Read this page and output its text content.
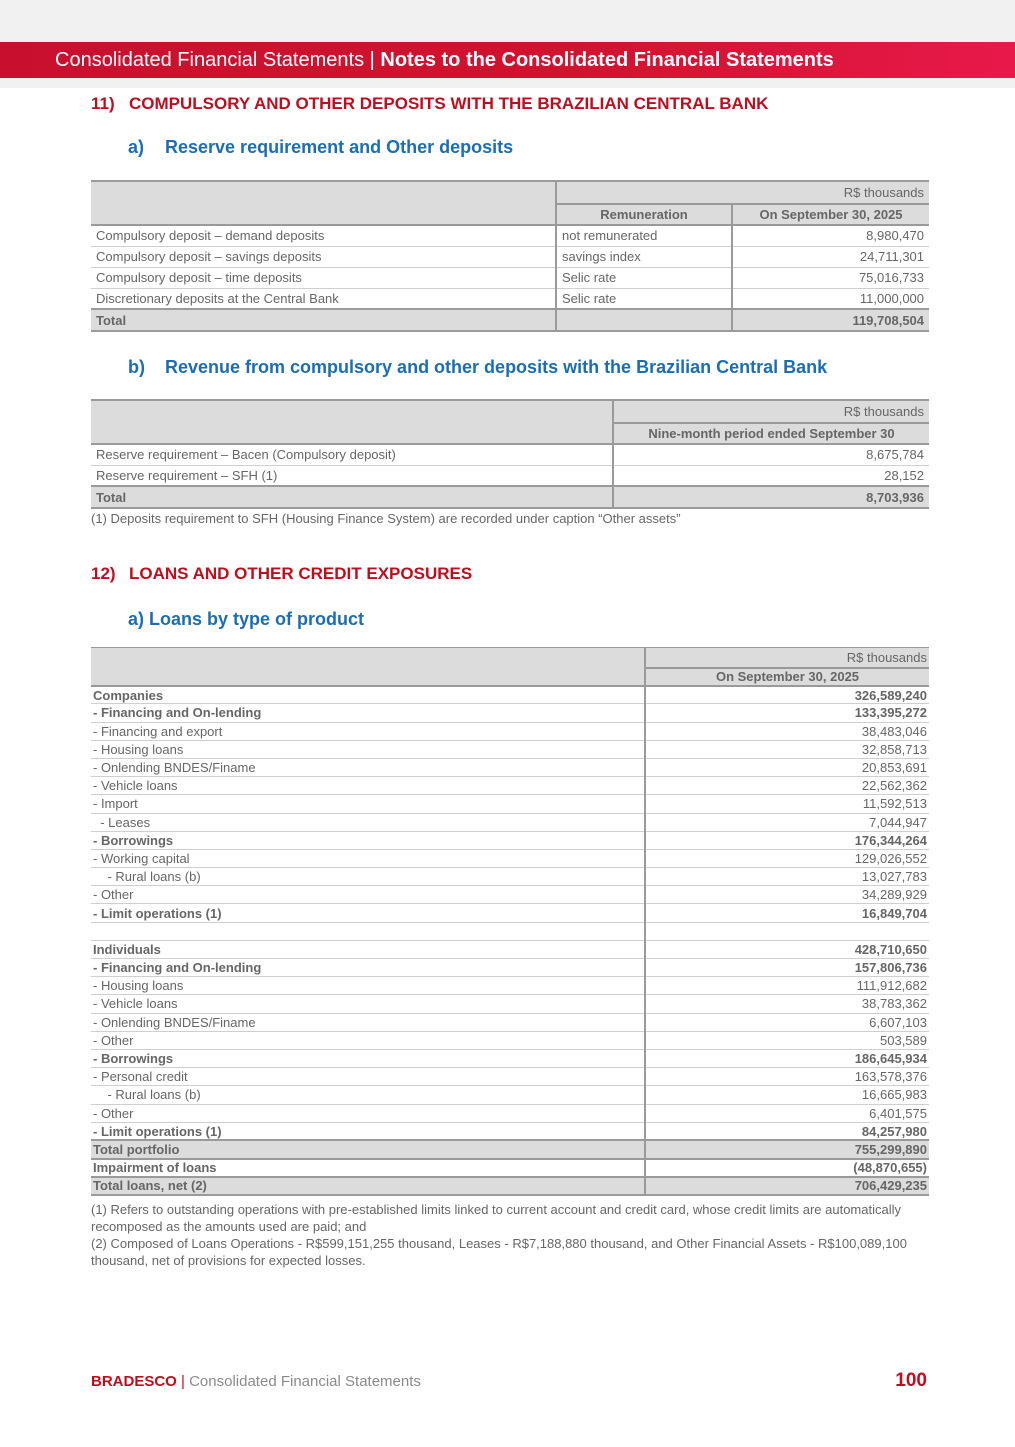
Consolidated Financial Statements | Notes to the Consolidated Financial Statements
11) COMPULSORY AND OTHER DEPOSITS WITH THE BRAZILIAN CENTRAL BANK
a) Reserve requirement and Other deposits
	R$ thousands	
	Remuneration	On September 30, 2025
Compulsory deposit – demand deposits	not remunerated	8,980,470
Compulsory deposit – savings deposits	savings index	24,711,301
Compulsory deposit – time deposits	Selic rate	75,016,733
Discretionary deposits at the Central Bank	Selic rate	11,000,000
Total		119,708,504
b) Revenue from compulsory and other deposits with the Brazilian Central Bank
	R$ thousands
	Nine-month period ended September 30
Reserve requirement – Bacen (Compulsory deposit)	8,675,784
Reserve requirement – SFH (1)	28,152
Total	8,703,936
(1) Deposits requirement to SFH (Housing Finance System) are recorded under caption “Other assets”
12) LOANS AND OTHER CREDIT EXPOSURES
a) Loans by type of product
	R$ thousands
	On September 30, 2025
Companies	326,589,240
- Financing and On-lending	133,395,272
- Financing and export	38,483,046
- Housing loans	32,858,713
- Onlending BNDES/Finame	20,853,691
- Vehicle loans	22,562,362
- Import	11,592,513
- Leases	7,044,947
- Borrowings	176,344,264
- Working capital	129,026,552
- Rural loans (b)	13,027,783
- Other	34,289,929
- Limit operations (1)	16,849,704

Individuals	428,710,650
- Financing and On-lending	157,806,736
- Housing loans	111,912,682
- Vehicle loans	38,783,362
- Onlending BNDES/Finame	6,607,103
- Other	503,589
- Borrowings	186,645,934
- Personal credit	163,578,376
- Rural loans (b)	16,665,983
- Other	6,401,575
- Limit operations (1)	84,257,980
Total portfolio	755,299,890
Impairment of loans	(48,870,655)
Total loans, net (2)	706,429,235
(1) Refers to outstanding operations with pre-established limits linked to current account and credit card, whose credit limits are automatically recomposed as the amounts used are paid; and
(2) Composed of Loans Operations - R$599,151,255 thousand, Leases - R$7,188,880 thousand, and Other Financial Assets - R$100,089,100 thousand, net of provisions for expected losses.
BRADESCO | Consolidated Financial Statements	100
